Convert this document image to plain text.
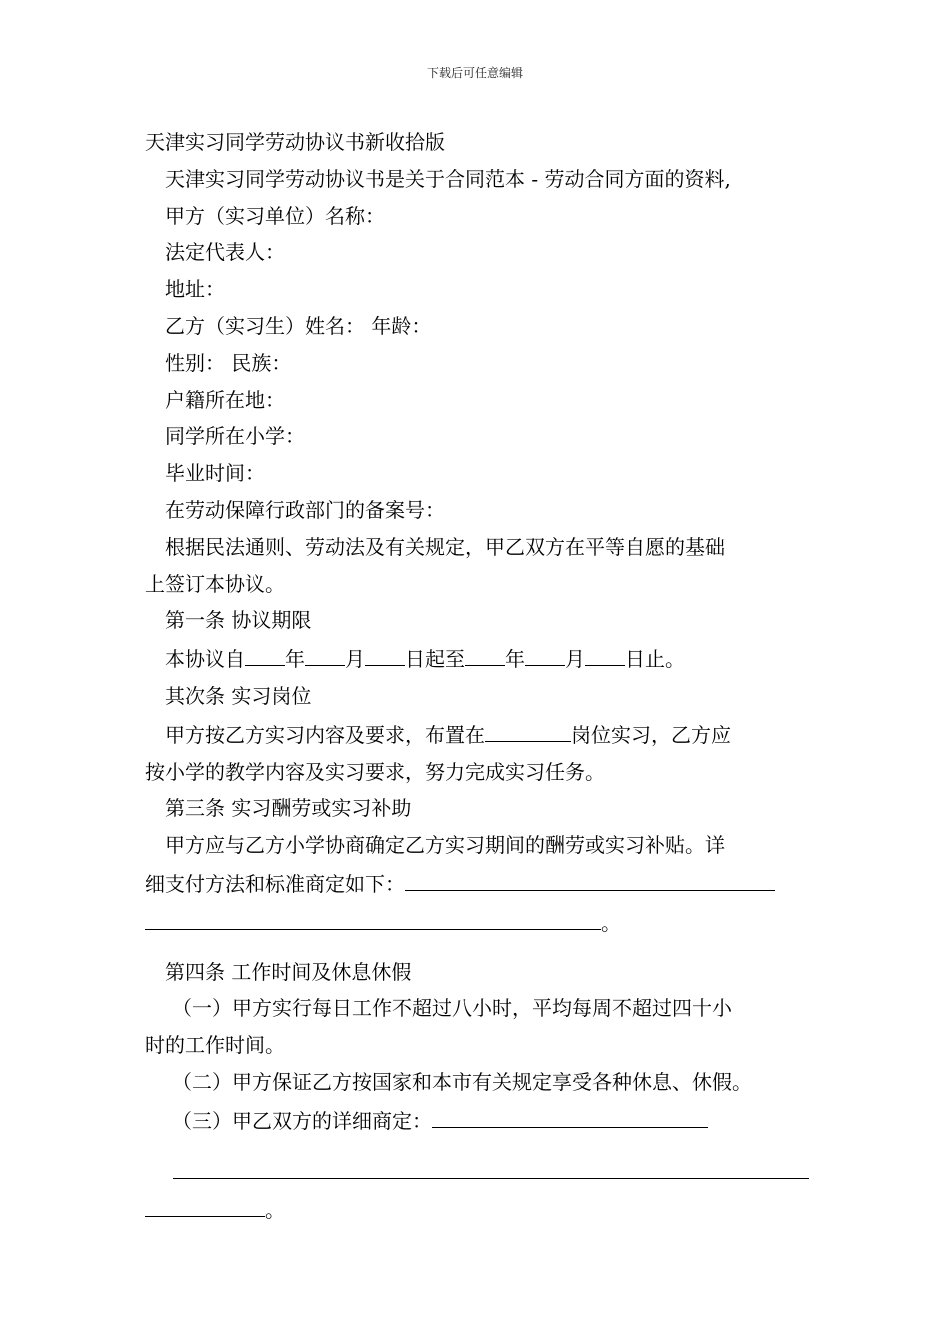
下载后可任意编辑
天津实习同学劳动协议书新收拾版
天津实习同学劳动协议书是关于合同范本 - 劳动合同方面的资料,
甲方（实习单位）名称：
法定代表人：
地址：
乙方（实习生）姓名： 年龄：
性别： 民族：
户籍所在地：
同学所在小学：
毕业时间：
在劳动保障行政部门的备案号：
根据民法通则、劳动法及有关规定，甲乙双方在平等自愿的基础
上签订本协议。
第一条 协议期限
本协议自 年 月 日起至 年 月 日止。
其次条 实习岗位
甲方按乙方实习内容及要求，布置在	岗位实习，乙方应
按小学的教学内容及实习要求，努力完成实习任务。
第三条 实习酬劳或实习补助
甲方应与乙方小学协商确定乙方实习期间的酬劳或实习补贴。详
细支付方法和标准商定如下：
。
第四条 工作时间及休息休假
（一）甲方实行每日工作不超过八小时，平均每周不超过四十小
时的工作时间。
（二）甲方保证乙方按国家和本市有关规定享受各种休息、休假。
（三）甲乙双方的详细商定：
。
